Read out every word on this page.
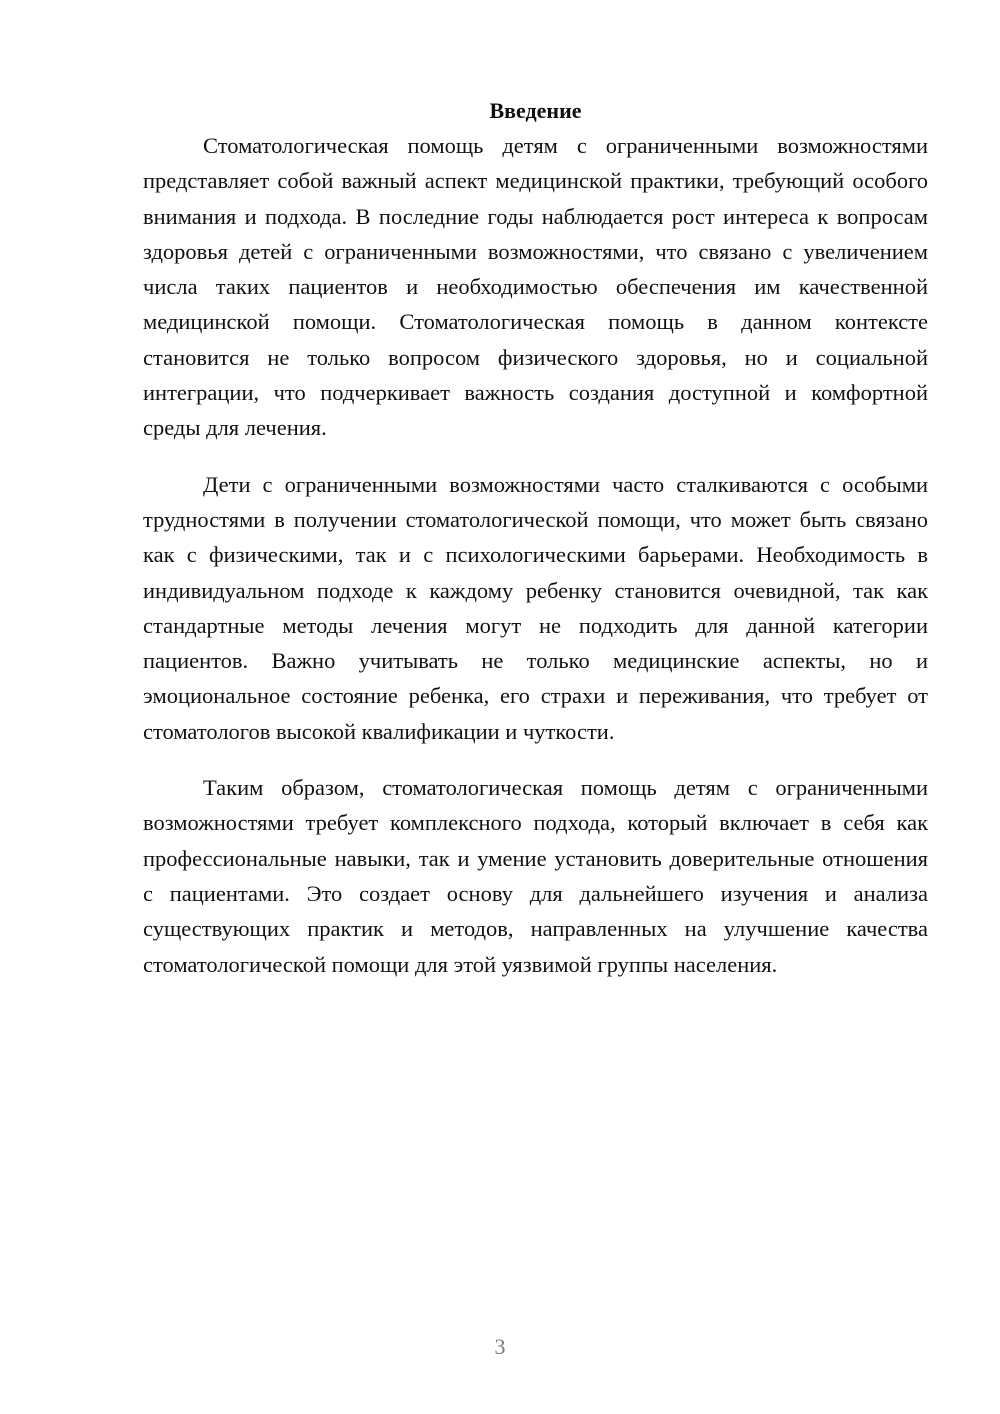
Введение

Стоматологическая помощь детям с ограниченными возможностями представляет собой важный аспект медицинской практики, требующий особого внимания и подхода. В последние годы наблюдается рост интереса к вопросам здоровья детей с ограниченными возможностями, что связано с увеличением числа таких пациентов и необходимостью обеспечения им качественной медицинской помощи. Стоматологическая помощь в данном контексте становится не только вопросом физического здоровья, но и социальной интеграции, что подчеркивает важность создания доступной и комфортной среды для лечения.

Дети с ограниченными возможностями часто сталкиваются с особыми трудностями в получении стоматологической помощи, что может быть связано как с физическими, так и с психологическими барьерами. Необходимость в индивидуальном подходе к каждому ребенку становится очевидной, так как стандартные методы лечения могут не подходить для данной категории пациентов. Важно учитывать не только медицинские аспекты, но и эмоциональное состояние ребенка, его страхи и переживания, что требует от стоматологов высокой квалификации и чуткости.

Таким образом, стоматологическая помощь детям с ограниченными возможностями требует комплексного подхода, который включает в себя как профессиональные навыки, так и умение установить доверительные отношения с пациентами. Это создает основу для дальнейшего изучения и анализа существующих практик и методов, направленных на улучшение качества стоматологической помощи для этой уязвимой группы населения.

3
